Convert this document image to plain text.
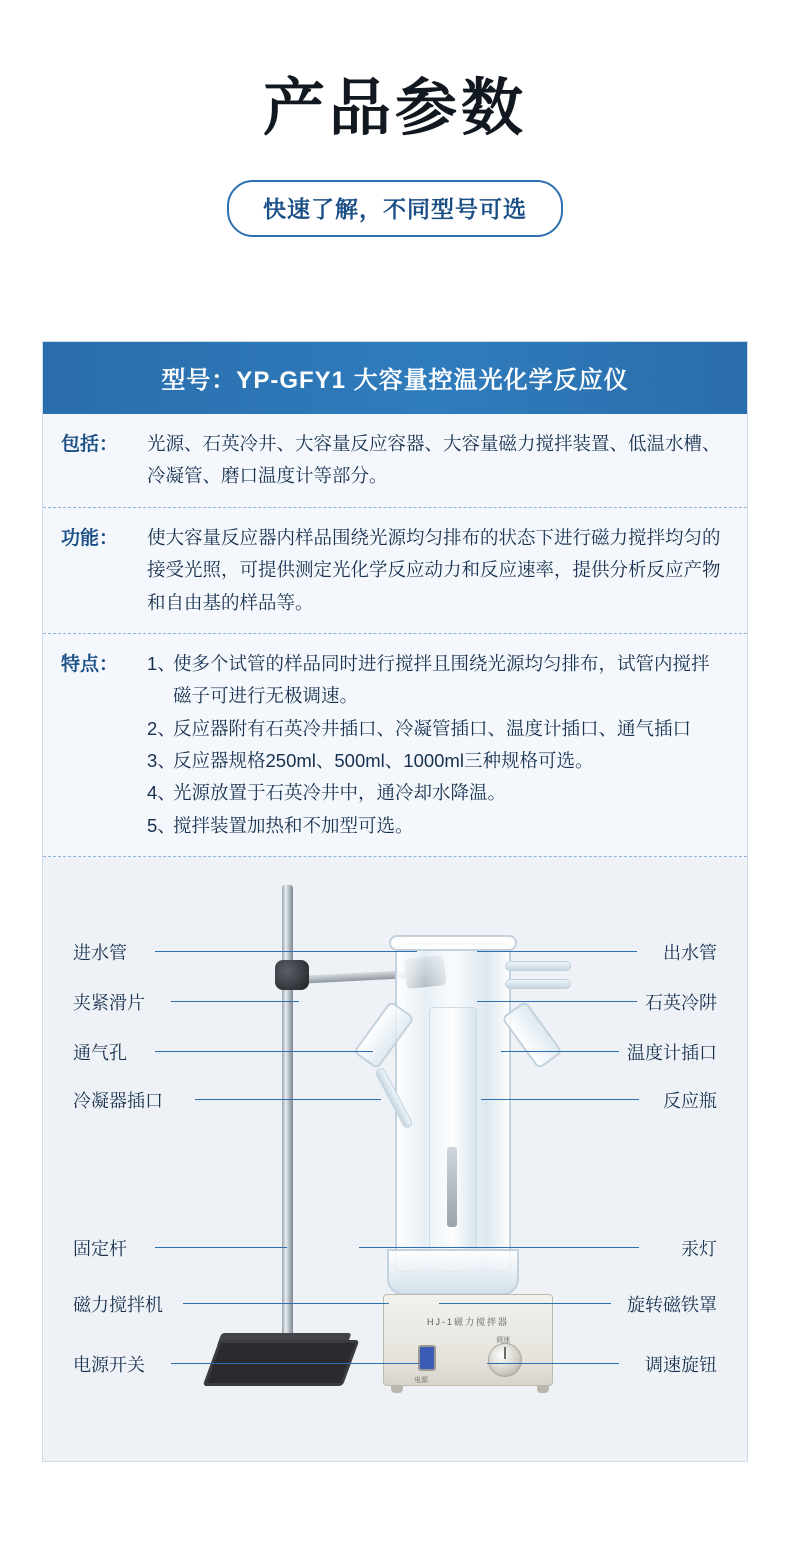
产品参数
快速了解，不同型号可选
型号：YP-GFY1 大容量控温光化学反应仪
包括：	光源、石英冷井、大容量反应容器、大容量磁力搅拌装置、低温水槽、冷凝管、磨口温度计等部分。

功能：	使大容量反应器内样品围绕光源均匀排布的状态下进行磁力搅拌均匀的接受光照，可提供测定光化学反应动力和反应速率，提供分析反应产物和自由基的样品等。

特点：	1、
使多个试管的样品同时进行搅拌且围绕光源均匀排布，试管内搅拌磁子可进行无极调速。
2、
反应器附有石英冷井插口、冷凝管插口、温度计插口、通气插口
3、
反应器规格250ml、500ml、1000ml三种规格可选。
4、
光源放置于石英冷井中，通冷却水降温。
5、
搅拌装置加热和不加型可选。
HJ-1磁力搅拌器
电源
调速
进水管
夹紧滑片
通气孔
冷凝器插口
固定杆
磁力搅拌机
电源开关
出水管
石英冷阱
温度计插口
反应瓶
汞灯
旋转磁铁罩
调速旋钮
